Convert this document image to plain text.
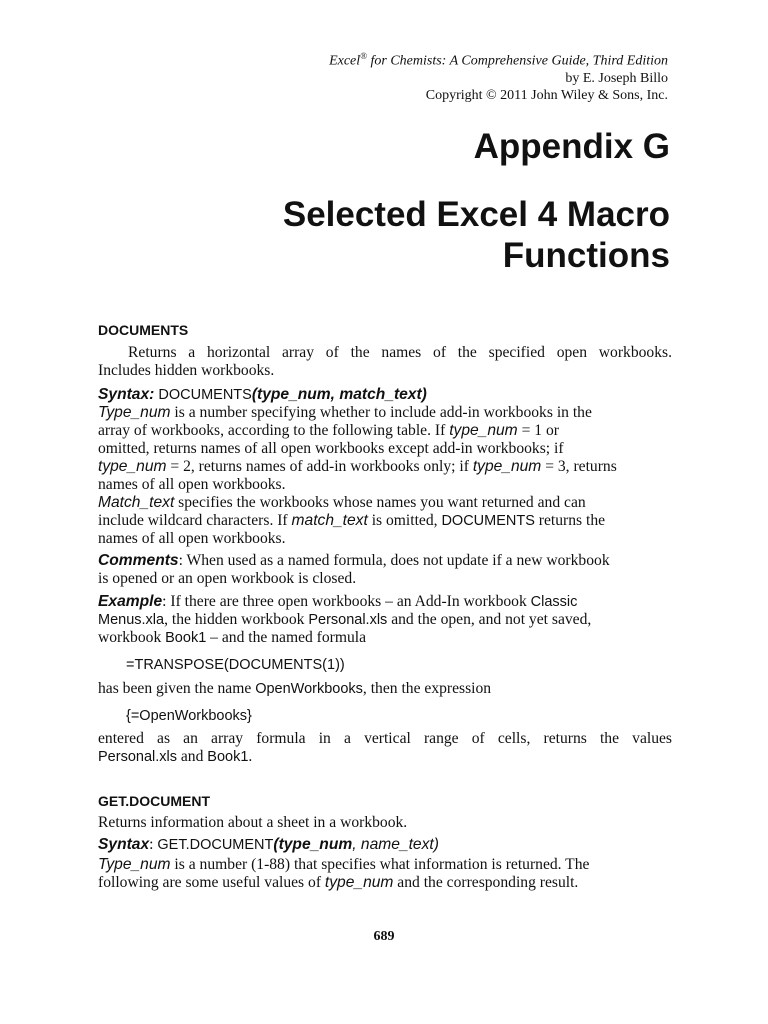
Excel® for Chemists: A Comprehensive Guide, Third Edition
by E. Joseph Billo
Copyright © 2011 John Wiley & Sons, Inc.
Appendix G
Selected Excel 4 Macro
Functions
DOCUMENTS
Returns a horizontal array of the names of the specified open workbooks.
Includes hidden workbooks.
Syntax: DOCUMENTS(type_num, match_text)
Type_num is a number specifying whether to include add-in workbooks in the
array of workbooks, according to the following table. If type_num = 1 or
omitted, returns names of all open workbooks except add-in workbooks; if
type_num = 2, returns names of add-in workbooks only; if type_num = 3, returns
names of all open workbooks.
Match_text specifies the workbooks whose names you want returned and can
include wildcard characters. If match_text is omitted, DOCUMENTS returns the
names of all open workbooks.
Comments: When used as a named formula, does not update if a new workbook
is opened or an open workbook is closed.
Example: If there are three open workbooks – an Add-In workbook Classic
Menus.xla, the hidden workbook Personal.xls and the open, and not yet saved,
workbook Book1 – and the named formula
=TRANSPOSE(DOCUMENTS(1))
has been given the name OpenWorkbooks, then the expression
{=OpenWorkbooks}
entered as an array formula in a vertical range of cells, returns the values
Personal.xls and Book1.
GET.DOCUMENT
Returns information about a sheet in a workbook.
Syntax: GET.DOCUMENT(type_num, name_text)
Type_num is a number (1-88) that specifies what information is returned. The
following are some useful values of type_num and the corresponding result.
689
